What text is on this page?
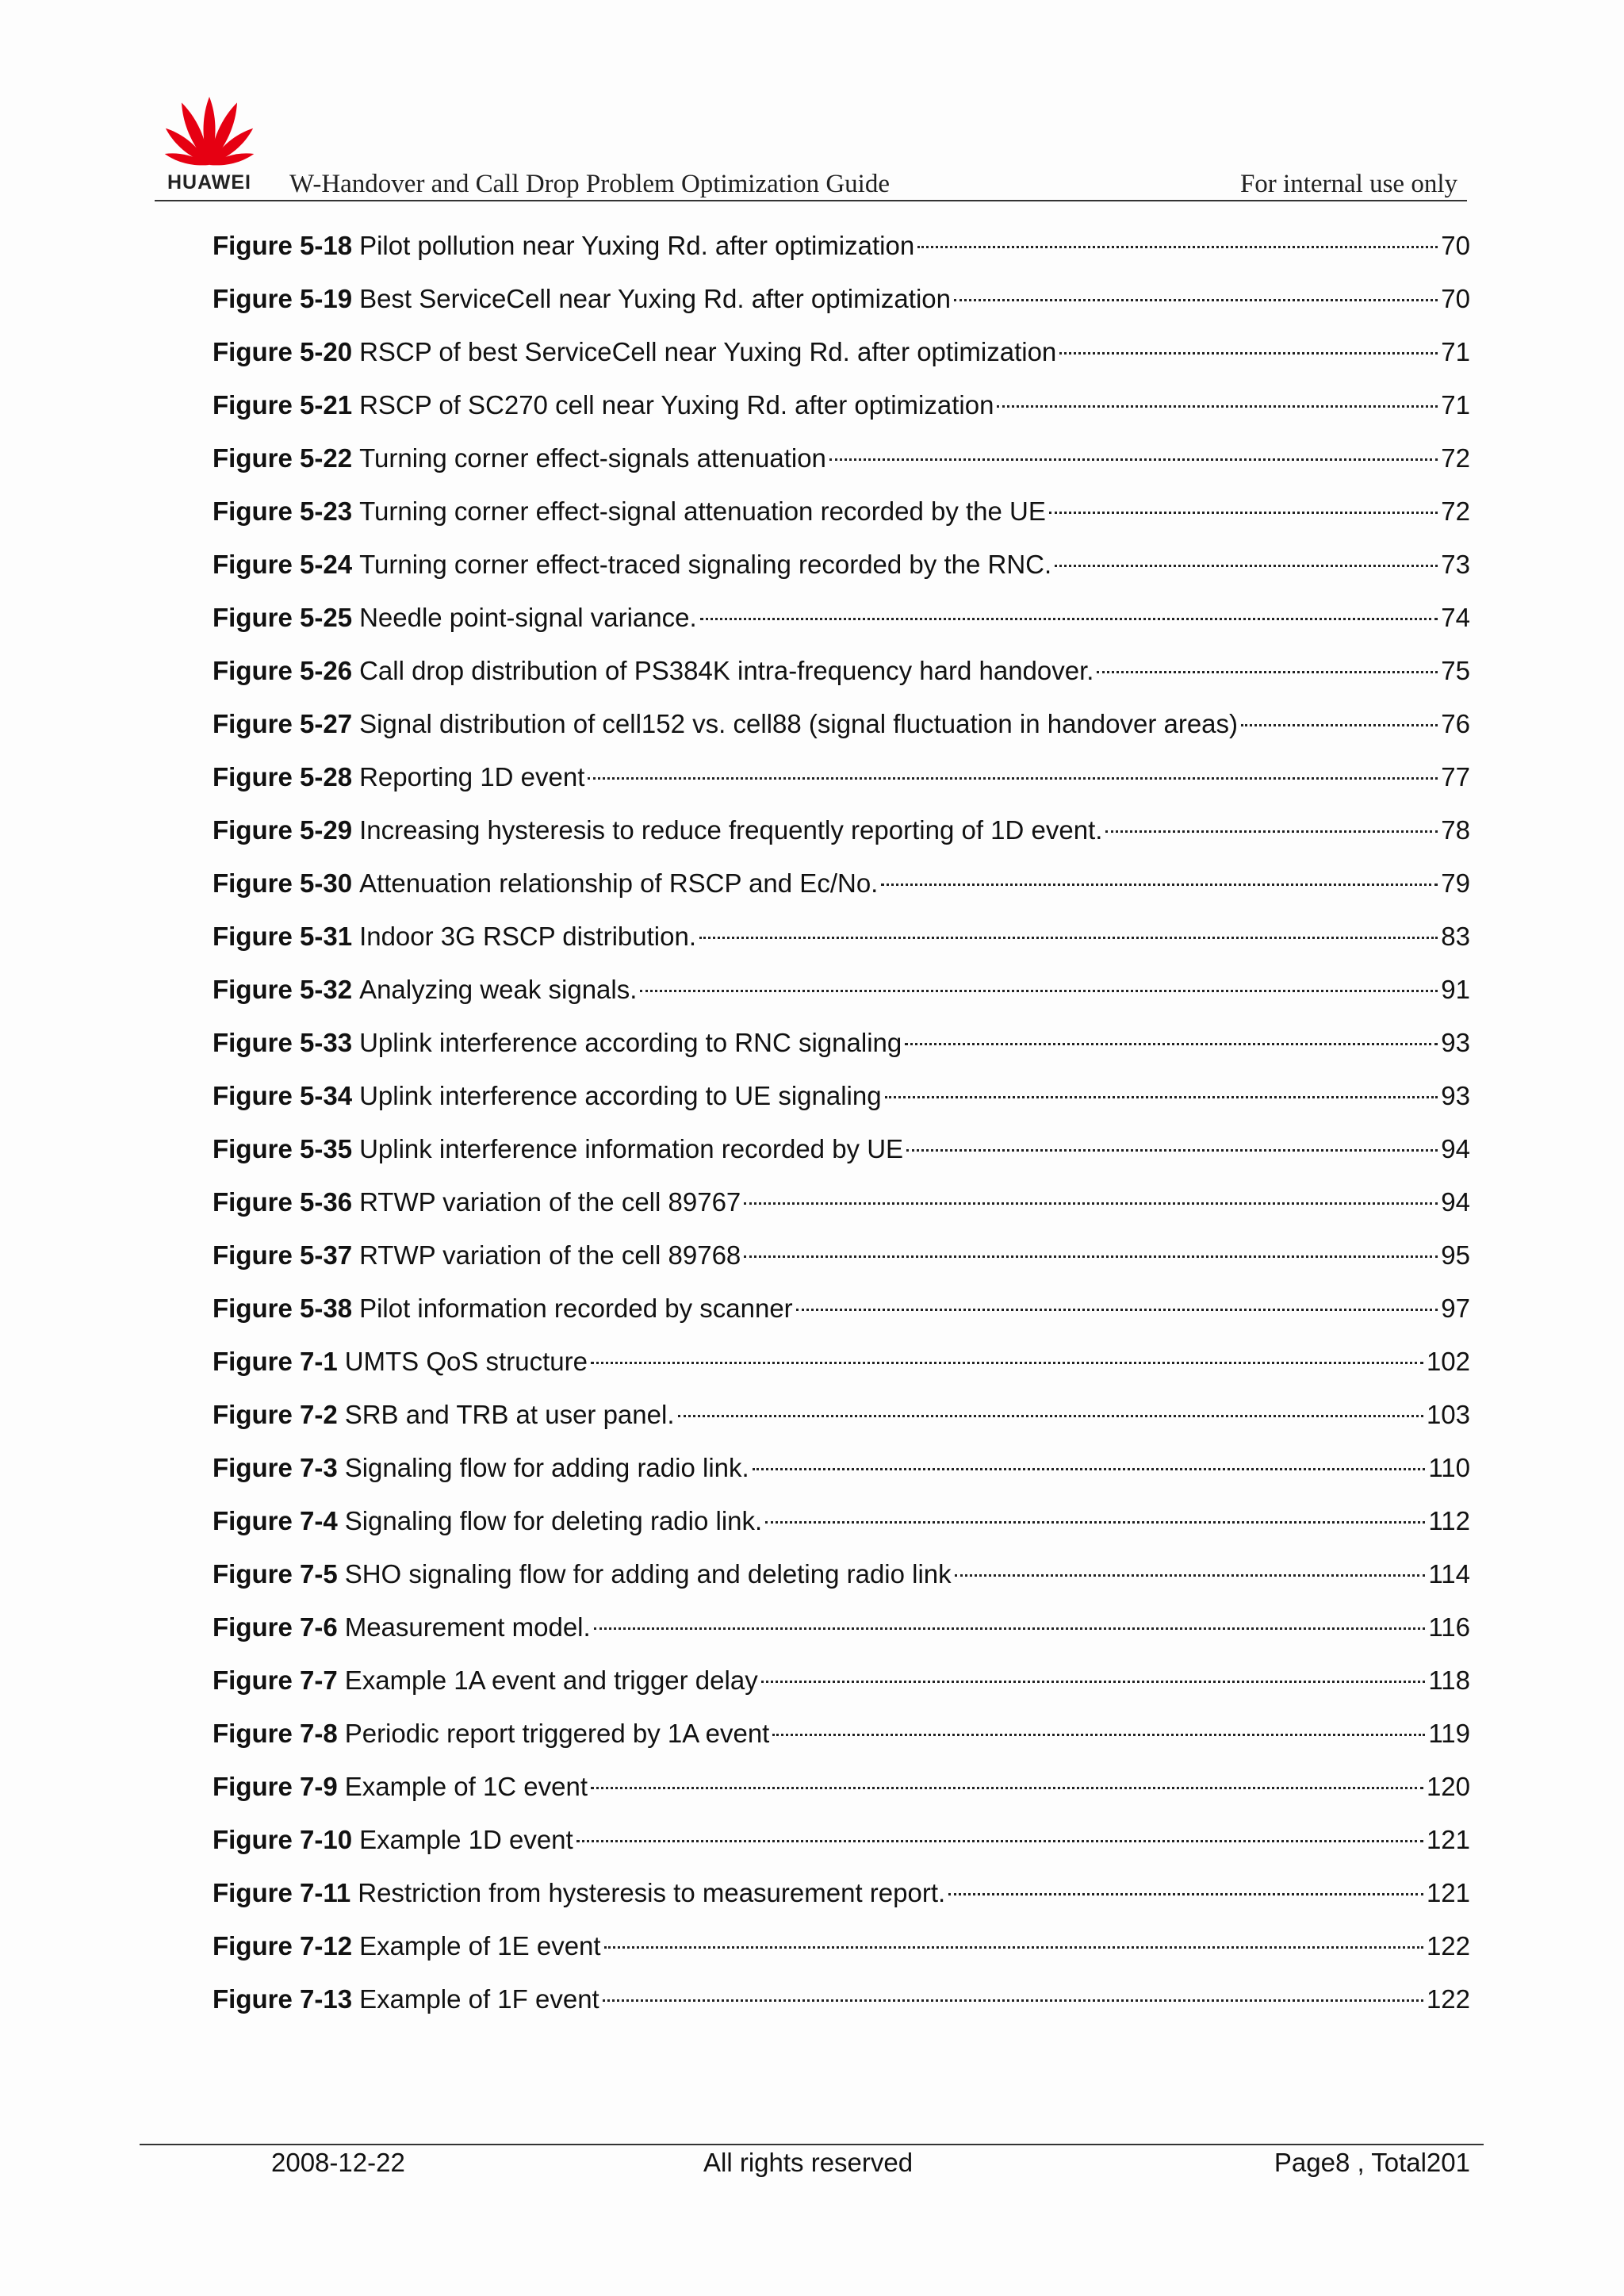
HUAWEI	W-Handover and Call Drop Problem Optimization Guide	For internal use only
Figure 5-18 Pilot pollution near Yuxing Rd. after optimization	70
Figure 5-19 Best ServiceCell near Yuxing Rd. after optimization	70
Figure 5-20 RSCP of best ServiceCell near Yuxing Rd. after optimization	71
Figure 5-21 RSCP of SC270 cell near Yuxing Rd. after optimization	71
Figure 5-22 Turning corner effect-signals attenuation	72
Figure 5-23 Turning corner effect-signal attenuation recorded by the UE	72
Figure 5-24 Turning corner effect-traced signaling recorded by the RNC.	73
Figure 5-25 Needle point-signal variance.	74
Figure 5-26 Call drop distribution of PS384K intra-frequency hard handover.	75
Figure 5-27 Signal distribution of cell152 vs. cell88 (signal fluctuation in handover areas)	76
Figure 5-28 Reporting 1D event	77
Figure 5-29 Increasing hysteresis to reduce frequently reporting of 1D event.	78
Figure 5-30 Attenuation relationship of RSCP and Ec/No.	79
Figure 5-31 Indoor 3G RSCP distribution.	83
Figure 5-32 Analyzing weak signals.	91
Figure 5-33 Uplink interference according to RNC signaling	93
Figure 5-34 Uplink interference according to UE signaling	93
Figure 5-35 Uplink interference information recorded by UE	94
Figure 5-36 RTWP variation of the cell 89767	94
Figure 5-37 RTWP variation of the cell 89768	95
Figure 5-38 Pilot information recorded by scanner	97
Figure 7-1 UMTS QoS structure	102
Figure 7-2 SRB and TRB at user panel.	103
Figure 7-3 Signaling flow for adding radio link.	110
Figure 7-4 Signaling flow for deleting radio link.	112
Figure 7-5 SHO signaling flow for adding and deleting radio link	114
Figure 7-6 Measurement model.	116
Figure 7-7 Example 1A event and trigger delay	118
Figure 7-8 Periodic report triggered by 1A event	119
Figure 7-9 Example of 1C event	120
Figure 7-10 Example 1D event	121
Figure 7-11 Restriction from hysteresis to measurement report.	121
Figure 7-12 Example of 1E event	122
Figure 7-13 Example of 1F event	122
2008-12-22	All rights reserved	Page8 , Total201
